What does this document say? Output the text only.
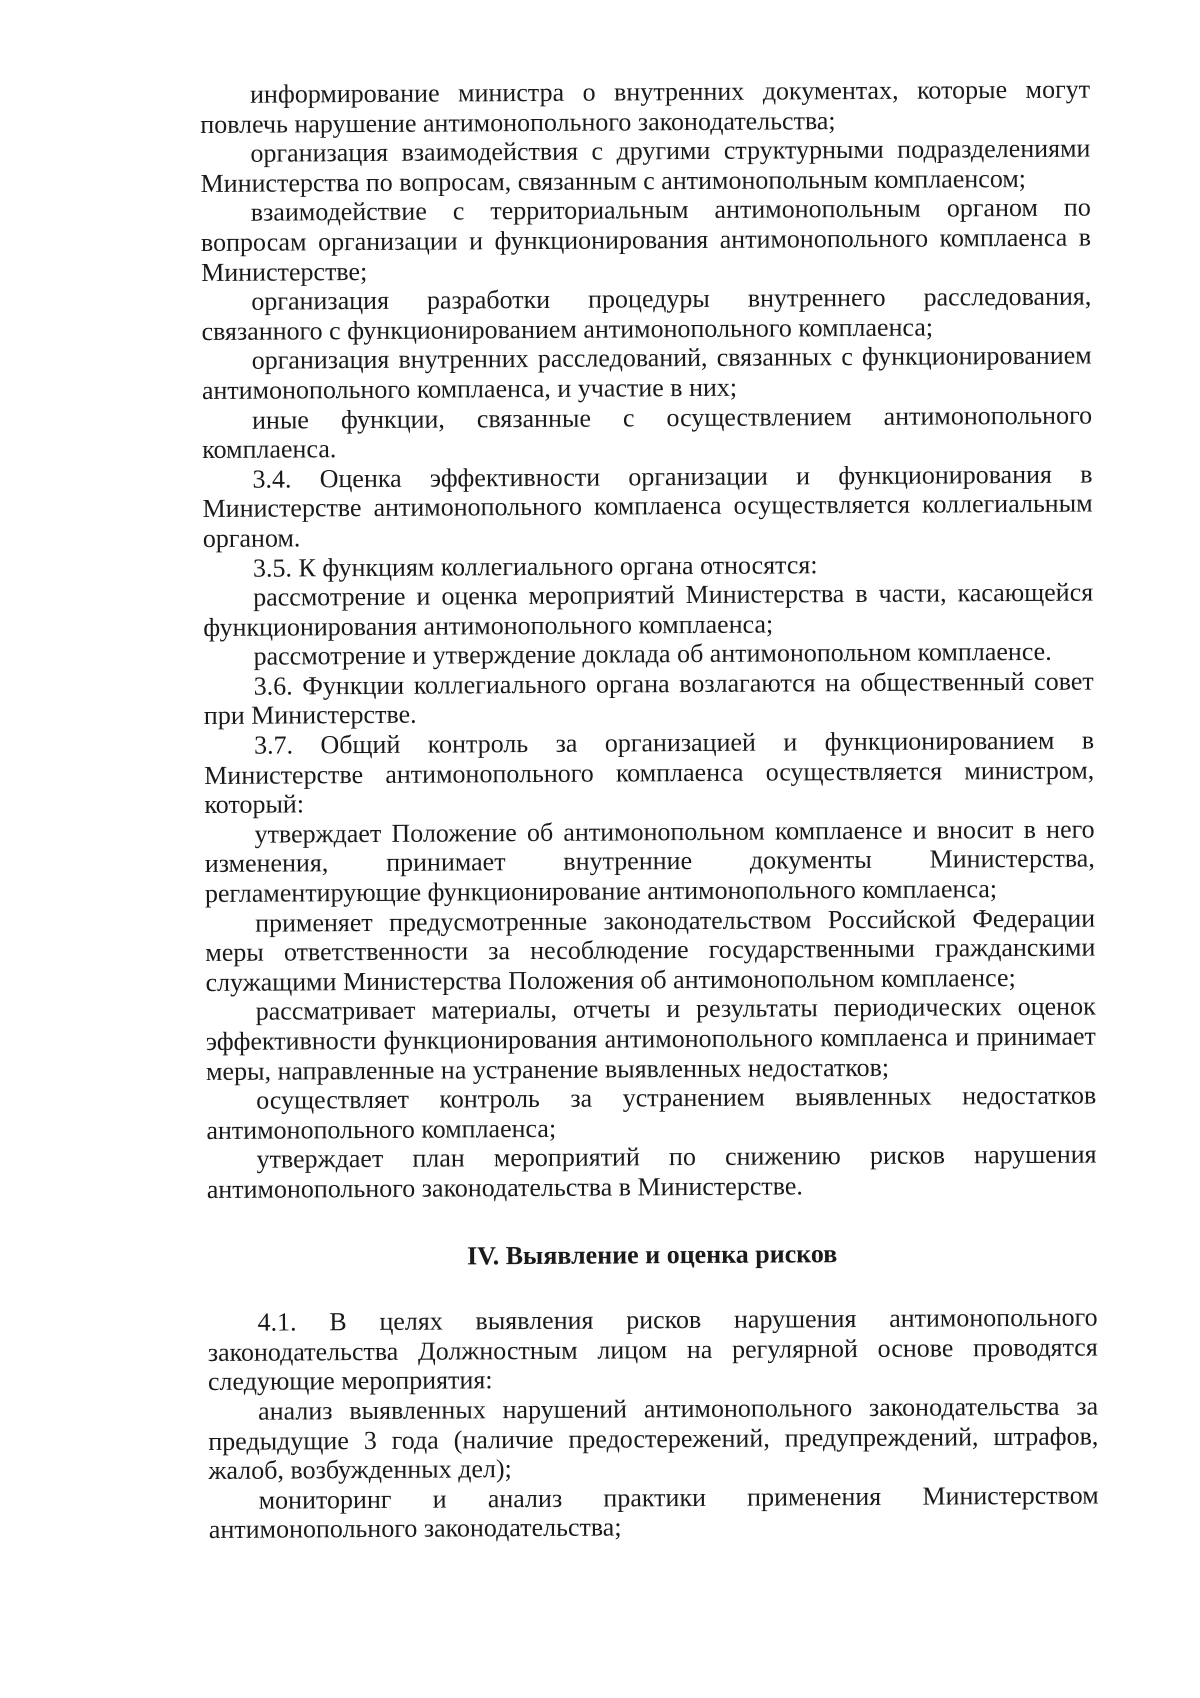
информирование министра о внутренних документах, которые могут повлечь нарушение антимонопольного законодательства;

организация взаимодействия с другими структурными подразделениями Министерства по вопросам, связанным с антимонопольным комплаенсом;

взаимодействие с территориальным антимонопольным органом по вопросам организации и функционирования антимонопольного комплаенса в Министерстве;

организация разработки процедуры внутреннего расследования, связанного с функционированием антимонопольного комплаенса;

организация внутренних расследований, связанных с функционированием антимонопольного комплаенса, и участие в них;

иные функции, связанные с осуществлением антимонопольного комплаенса.

3.4. Оценка эффективности организации и функционирования в Министерстве антимонопольного комплаенса осуществляется коллегиальным органом.

3.5. К функциям коллегиального органа относятся:

рассмотрение и оценка мероприятий Министерства в части, касающейся функционирования антимонопольного комплаенса;

рассмотрение и утверждение доклада об антимонопольном комплаенсе.

3.6. Функции коллегиального органа возлагаются на общественный совет при Министерстве.

3.7. Общий контроль за организацией и функционированием в Министерстве антимонопольного комплаенса осуществляется министром, который:

утверждает Положение об антимонопольном комплаенсе и вносит в него изменения, принимает внутренние документы Министерства, регламентирующие функционирование антимонопольного комплаенса;

применяет предусмотренные законодательством Российской Федерации меры ответственности за несоблюдение государственными гражданскими служащими Министерства Положения об антимонопольном комплаенсе;

рассматривает материалы, отчеты и результаты периодических оценок эффективности функционирования антимонопольного комплаенса и принимает меры, направленные на устранение выявленных недостатков;

осуществляет контроль за устранением выявленных недостатков антимонопольного комплаенса;

утверждает план мероприятий по снижению рисков нарушения антимонопольного законодательства в Министерстве.

IV. Выявление и оценка рисков

4.1. В целях выявления рисков нарушения антимонопольного законодательства Должностным лицом на регулярной основе проводятся следующие мероприятия:

анализ выявленных нарушений антимонопольного законодательства за предыдущие 3 года (наличие предостережений, предупреждений, штрафов, жалоб, возбужденных дел);

мониторинг и анализ практики применения Министерством антимонопольного законодательства;
